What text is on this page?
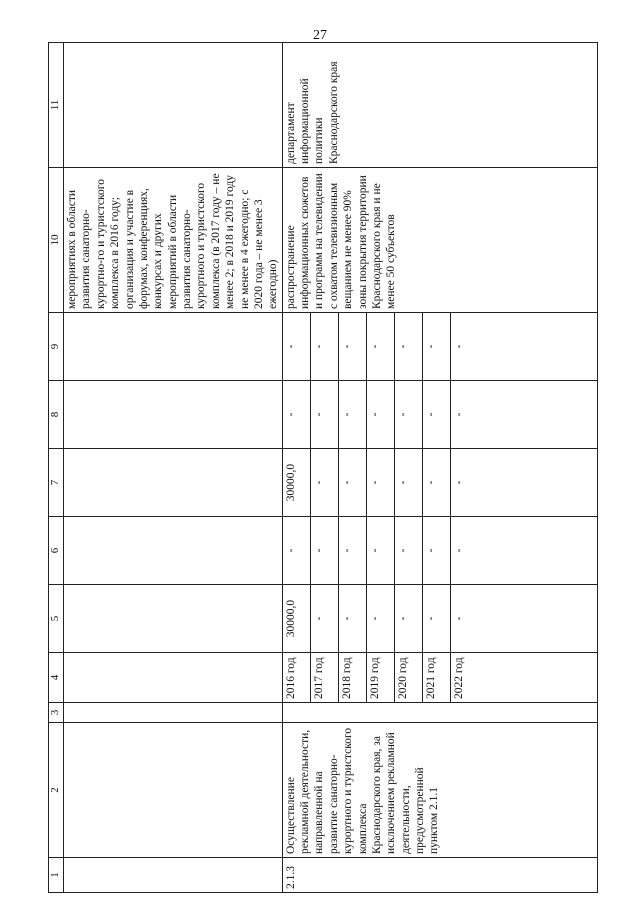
27
1	2	3	4	5	6	7	8	9	10	11
									мероприятиях в области развития санаторно-курортно-го и туристского комплекса в 2016 году; организация и участие в форумах, конференциях, конкурсах и других мероприятий в области развития санаторно-курортного и туристского комплекса (в 2017 году – не менее 2; в 2018 и 2019 году не менее в 4 ежегодно; с 2020 года – не менее 3 ежегодно)	
2.1.3	Осуществление рекламной деятельности, направленной на развитие санаторно-курортного и туристского комплекса Краснодарского края, за исключением рекламной деятельности, предусмотренной пунктом 2.1.1		2016 год	30000,0	-	30000,0	-	-	распространение информационных сюжетов и программ на телевидении с охватом телевизионным вещанием не менее 90% зоны покрытия территории Краснодарского края и не менее 50 субъектов	департамент информационной политики Краснодарского края
			2017 год	-	-	-	-	-		
			2018 год	-	-	-	-	-		
			2019 год	-	-	-	-	-		
			2020 год	-	-	-	-	-		
			2021 год	-	-	-	-	-		
			2022 год	-	-	-	-	-		
